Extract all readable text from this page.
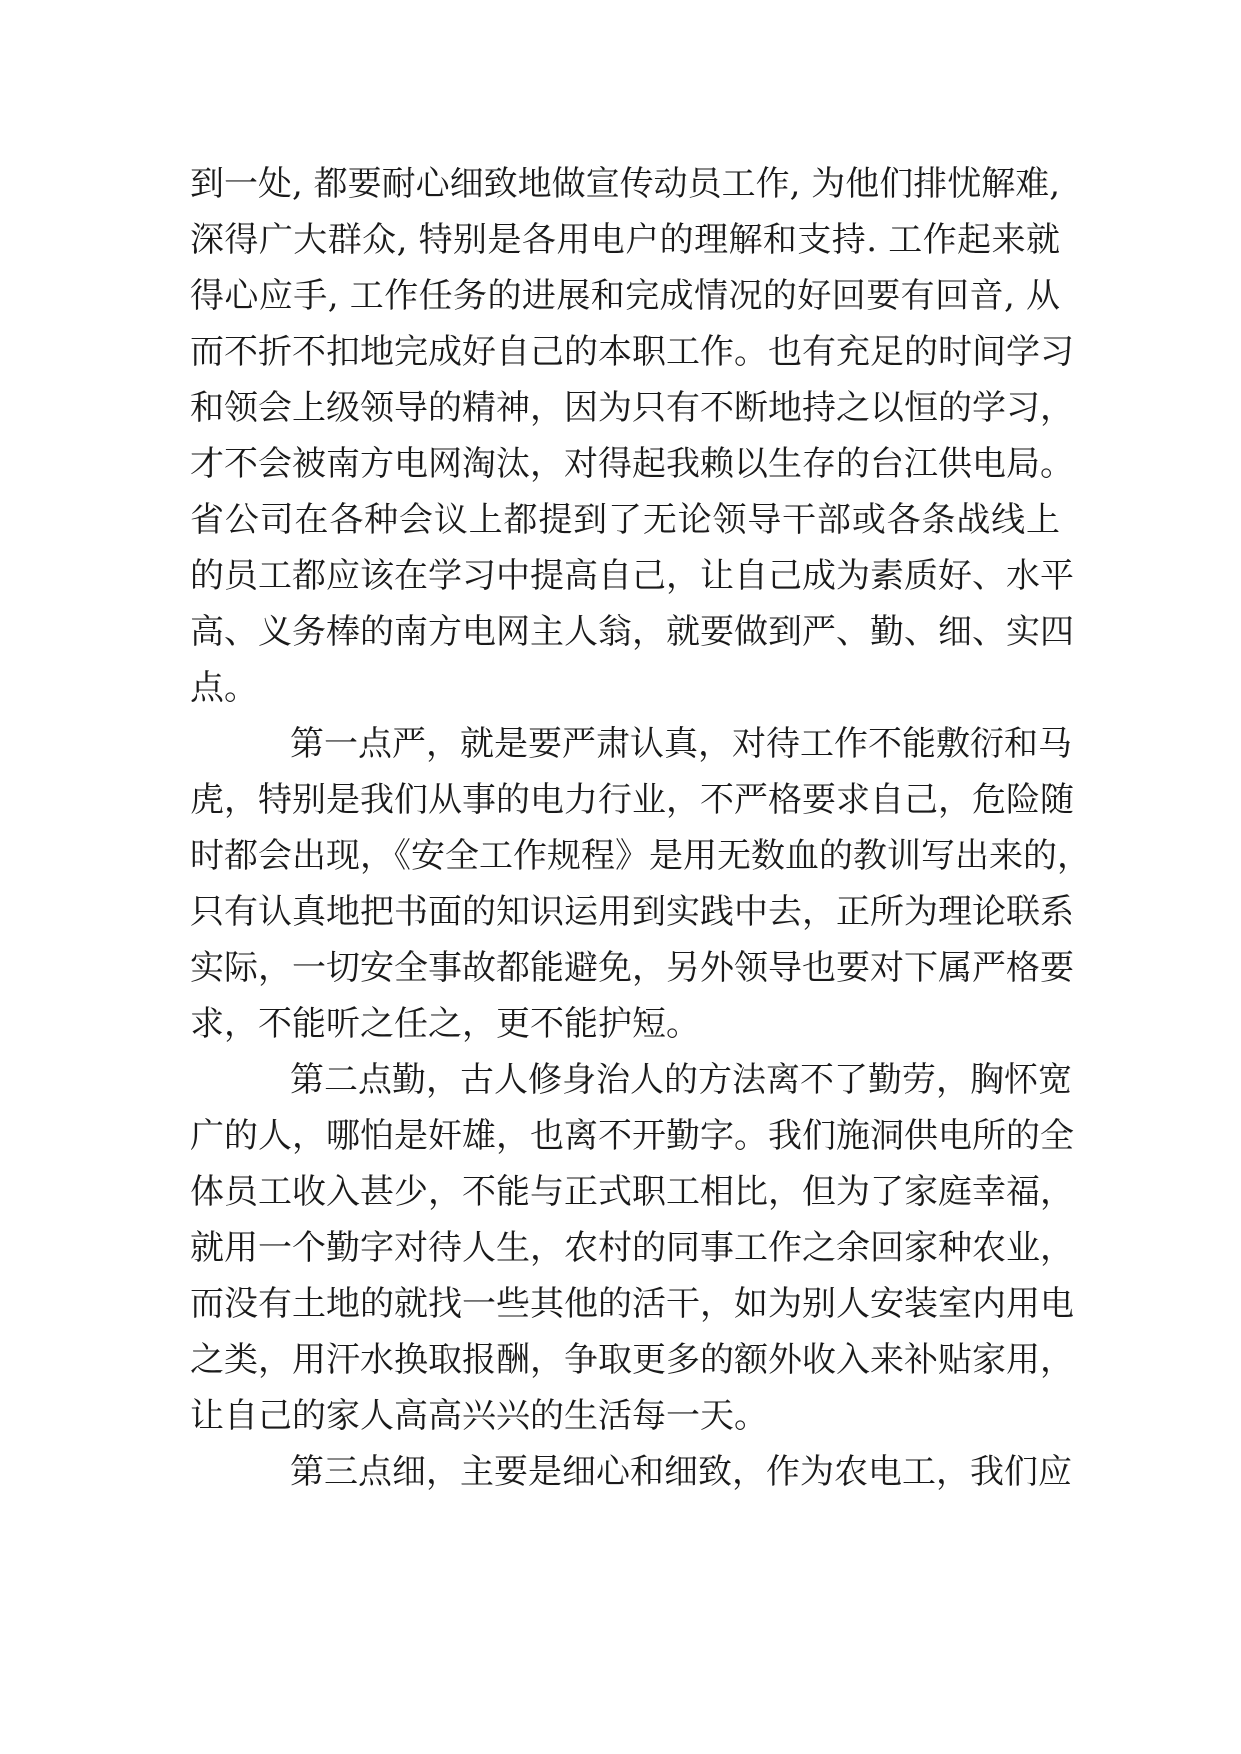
到一处, 都要耐心细致地做宣传动员工作, 为他们排忧解难,
深得广大群众, 特别是各用电户的理解和支持. 工作起来就
得心应手, 工作任务的进展和完成情况的好回要有回音, 从
而不折不扣地完成好自己的本职工作。也有充足的时间学习
和领会上级领导的精神，因为只有不断地持之以恒的学习，
才不会被南方电网淘汰，对得起我赖以生存的台江供电局。
省公司在各种会议上都提到了无论领导干部或各条战线上
的员工都应该在学习中提高自己，让自己成为素质好、水平
高、义务棒的南方电网主人翁，就要做到严、勤、细、实四
点。
第一点严，就是要严肃认真，对待工作不能敷衍和马
虎，特别是我们从事的电力行业，不严格要求自己，危险随
时都会出现，《安全工作规程》是用无数血的教训写出来的，
只有认真地把书面的知识运用到实践中去，正所为理论联系
实际，一切安全事故都能避免，另外领导也要对下属严格要
求，不能听之任之，更不能护短。
第二点勤，古人修身治人的方法离不了勤劳，胸怀宽
广的人，哪怕是奸雄，也离不开勤字。我们施洞供电所的全
体员工收入甚少，不能与正式职工相比，但为了家庭幸福，
就用一个勤字对待人生，农村的同事工作之余回家种农业，
而没有土地的就找一些其他的活干，如为别人安装室内用电
之类，用汗水换取报酬，争取更多的额外收入来补贴家用，
让自己的家人高高兴兴的生活每一天。
第三点细，主要是细心和细致，作为农电工，我们应
